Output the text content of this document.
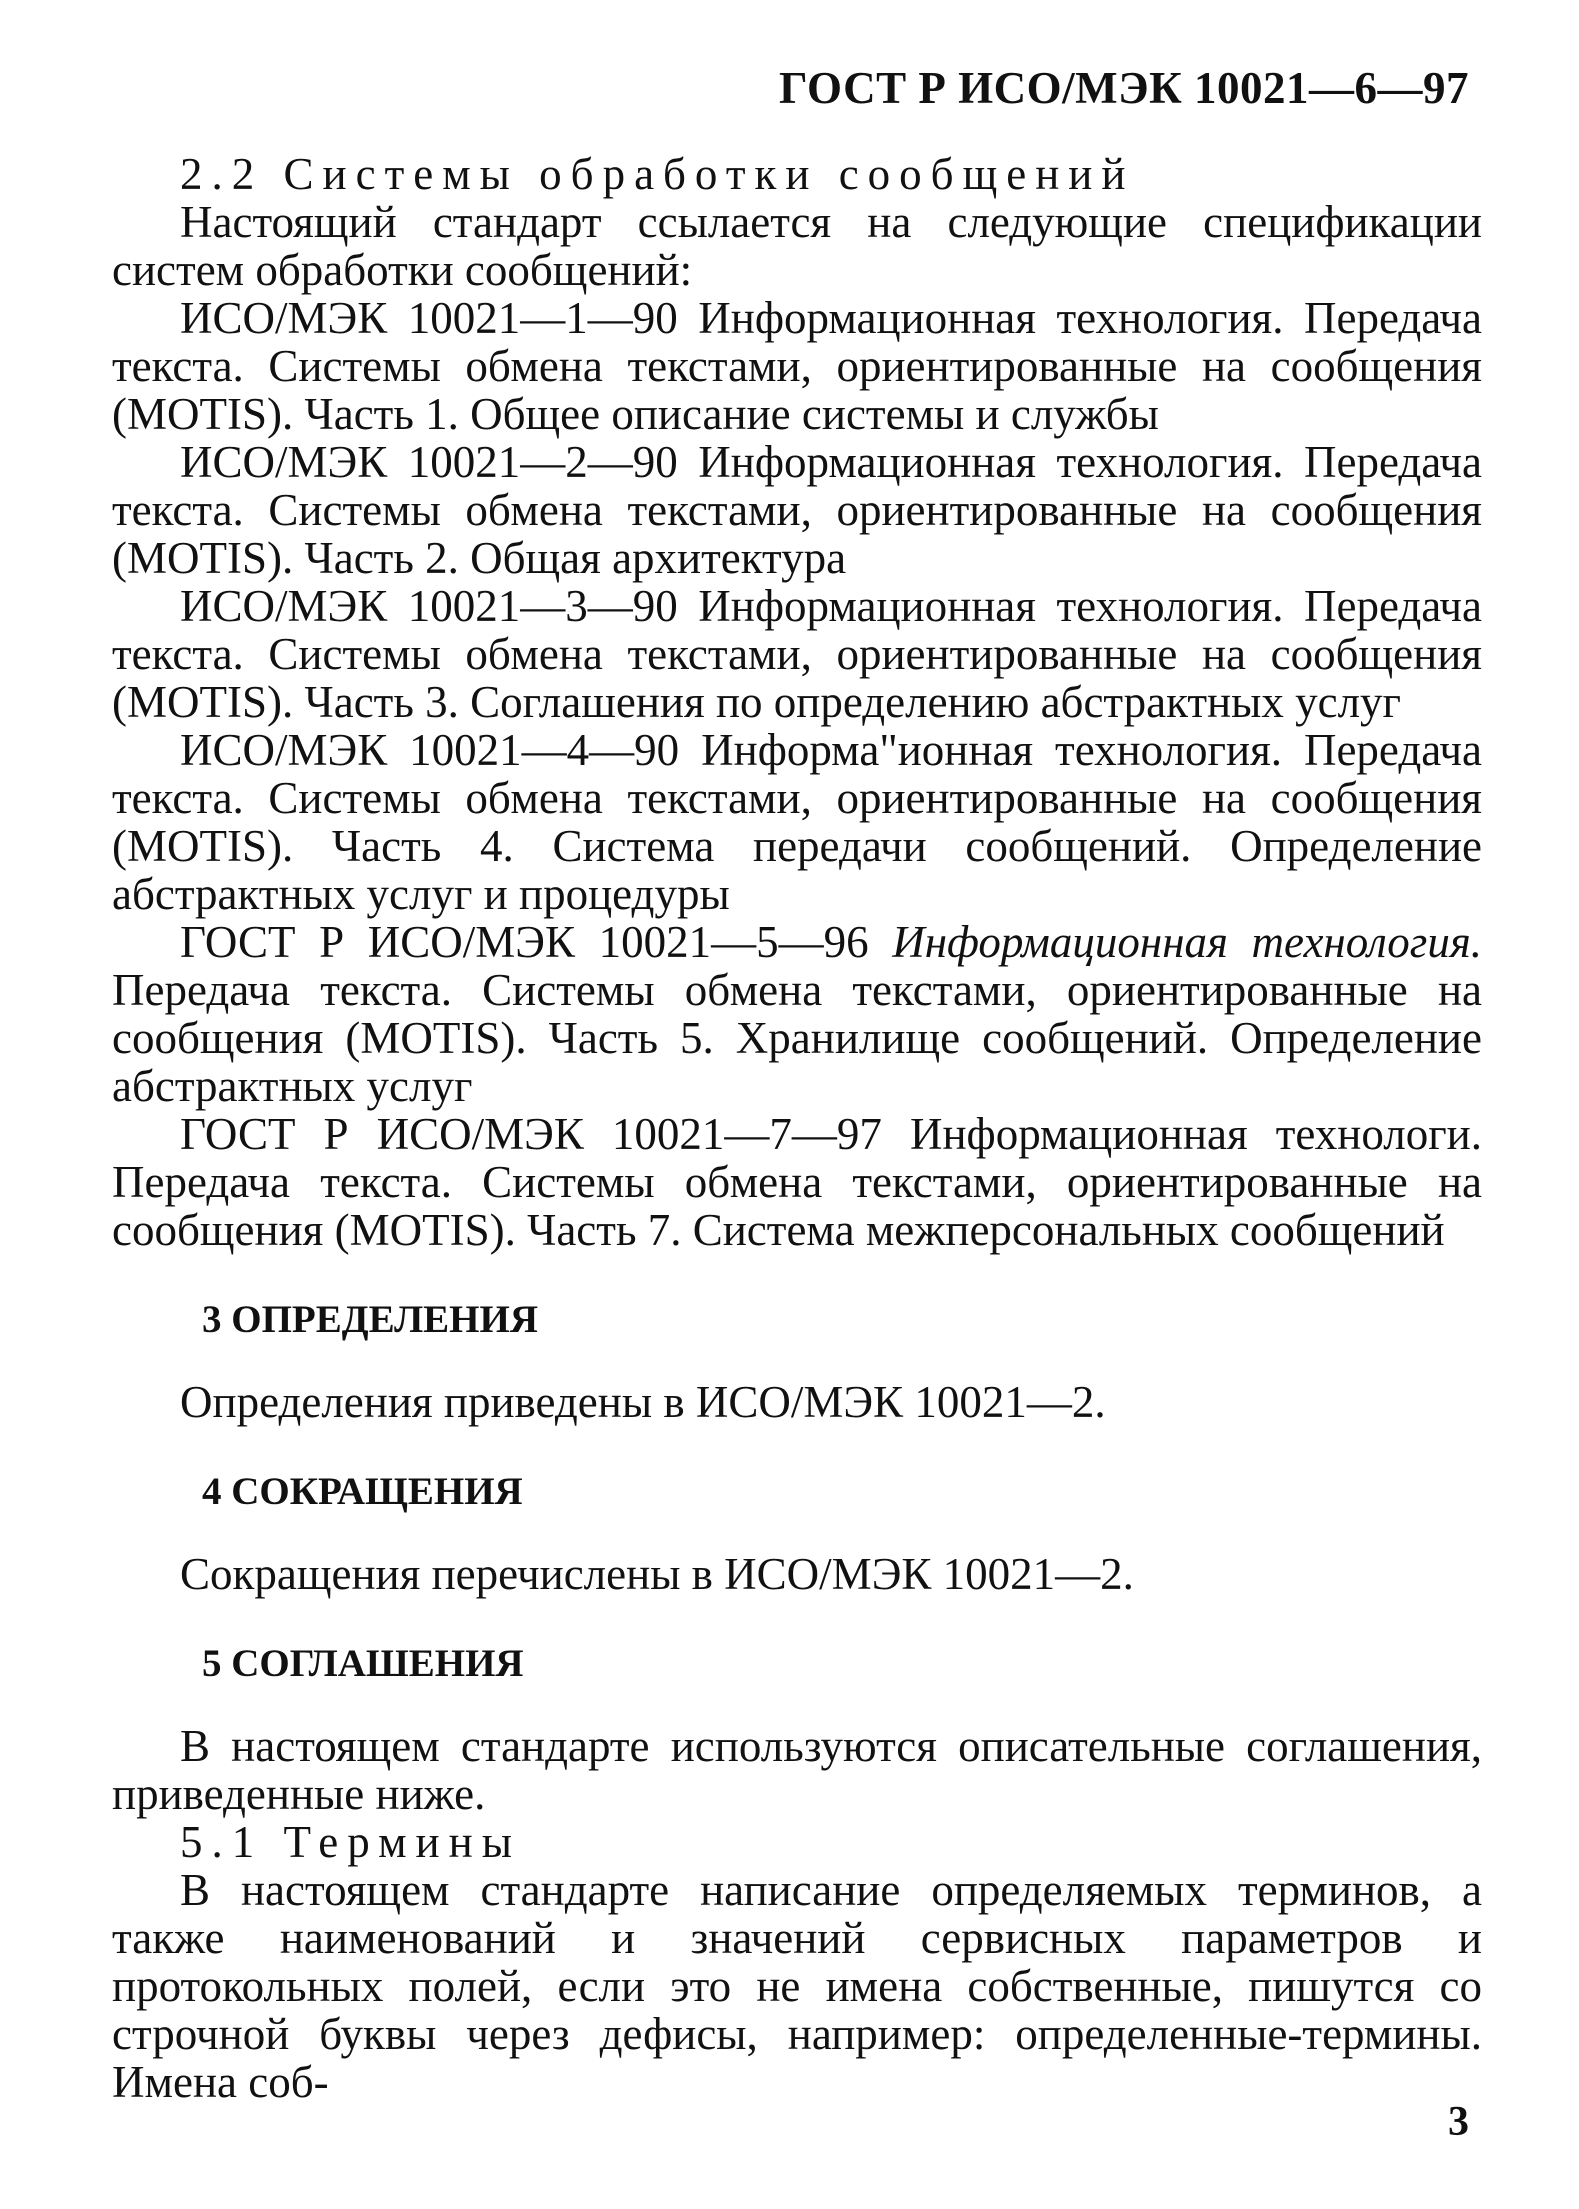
ГОСТ Р ИСО/МЭК 10021—6—97

2.2 Системы обработки сообщений

Настоящий стандарт ссылается на следующие спецификации систем обработки сообщений:

ИСО/МЭК 10021—1—90 Информационная технология. Передача текста. Системы обмена текстами, ориентированные на сообщения (MOTIS). Часть 1. Общее описание системы и службы

ИСО/МЭК 10021—2—90 Информационная технология. Передача текста. Системы обмена текстами, ориентированные на сообщения (MOTIS). Часть 2. Общая архитектура

ИСО/МЭК 10021—3—90 Информационная технология. Передача текста. Системы обмена текстами, ориентированные на сообщения (MOTIS). Часть 3. Соглашения по определению абстрактных услуг

ИСО/МЭК 10021—4—90 Информа"ионная технология. Передача текста. Системы обмена текстами, ориентированные на сообщения (MOTIS). Часть 4. Система передачи сообщений. Определение абстрактных услуг и процедуры

ГОСТ Р ИСО/МЭК 10021—5—96 Информационная технология. Передача текста. Системы обмена текстами, ориентированные на сообщения (MOTIS). Часть 5. Хранилище сообщений. Определение абстрактных услуг

ГОСТ Р ИСО/МЭК 10021—7—97 Информационная технологи. Передача текста. Системы обмена текстами, ориентированные на сообщения (MOTIS). Часть 7. Система межперсональных сообщений

3 ОПРЕДЕЛЕНИЯ

Определения приведены в ИСО/МЭК 10021—2.

4 СОКРАЩЕНИЯ

Сокращения перечислены в ИСО/МЭК 10021—2.

5 СОГЛАШЕНИЯ

В настоящем стандарте используются описательные соглашения, приведенные ниже.

5.1 Термины

В настоящем стандарте написание определяемых терминов, а также наименований и значений сервисных параметров и протокольных полей, если это не имена собственные, пишутся со строчной буквы через дефисы, например: определенные-термины. Имена соб-

3
